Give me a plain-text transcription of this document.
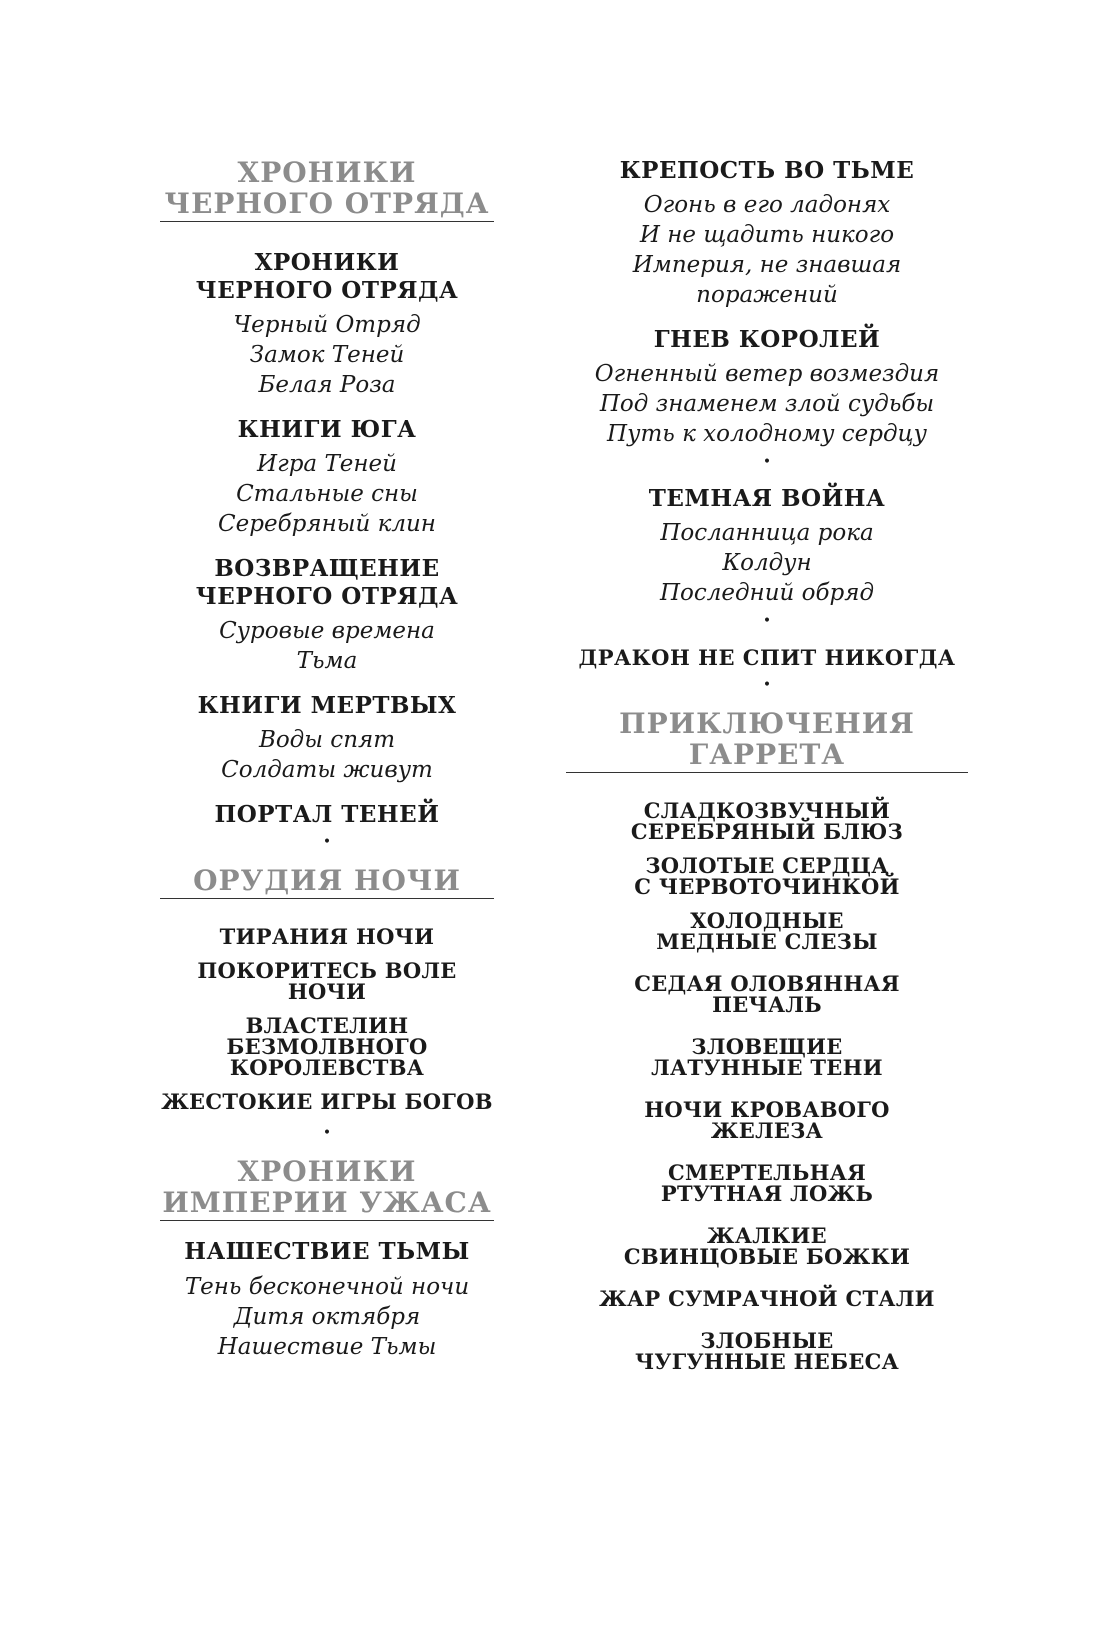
ХРОНИКИ
ЧЕРНОГО ОТРЯДА
ХРОНИКИ
ЧЕРНОГО ОТРЯДА
Черный Отряд
Замок Теней
Белая Роза
КНИГИ ЮГА
Игра Теней
Стальные сны
Серебряный клин
ВОЗВРАЩЕНИЕ
ЧЕРНОГО ОТРЯДА
Суровые времена
Тьма
КНИГИ МЕРТВЫХ
Воды спят
Солдаты живут
ПОРТАЛ ТЕНЕЙ
•
ОРУДИЯ НОЧИ
ТИРАНИЯ НОЧИ
ПОКОРИТЕСЬ ВОЛЕ НОЧИ
ВЛАСТЕЛИН БЕЗМОЛВНОГО
КОРОЛЕВСТВА
ЖЕСТОКИЕ ИГРЫ БОГОВ
•
ХРОНИКИ
ИМПЕРИИ УЖАСА
НАШЕСТВИЕ ТЬМЫ
Тень бесконечной ночи
Дитя октября
Нашествие Тьмы
КРЕПОСТЬ ВО ТЬМЕ
Огонь в его ладонях
И не щадить никого
Империя, не знавшая поражений
ГНЕВ КОРОЛЕЙ
Огненный ветер возмездия
Под знаменем злой судьбы
Путь к холодному сердцу
•
ТЕМНАЯ ВОЙНА
Посланница рока
Колдун
Последний обряд
•
ДРАКОН НЕ СПИТ НИКОГДА
•
ПРИКЛЮЧЕНИЯ
ГАРРЕТА
СЛАДКОЗВУЧНЫЙ
СЕРЕБРЯНЫЙ БЛЮЗ
ЗОЛОТЫЕ СЕРДЦА
С ЧЕРВОТОЧИНКОЙ
ХОЛОДНЫЕ
МЕДНЫЕ СЛЕЗЫ
СЕДАЯ ОЛОВЯННАЯ
ПЕЧАЛЬ
ЗЛОВЕЩИЕ
ЛАТУННЫЕ ТЕНИ
НОЧИ КРОВАВОГО
ЖЕЛЕЗА
СМЕРТЕЛЬНАЯ
РТУТНАЯ ЛОЖЬ
ЖАЛКИЕ
СВИНЦОВЫЕ БОЖКИ
ЖАР СУМРАЧНОЙ СТАЛИ
ЗЛОБНЫЕ
ЧУГУННЫЕ НЕБЕСА
